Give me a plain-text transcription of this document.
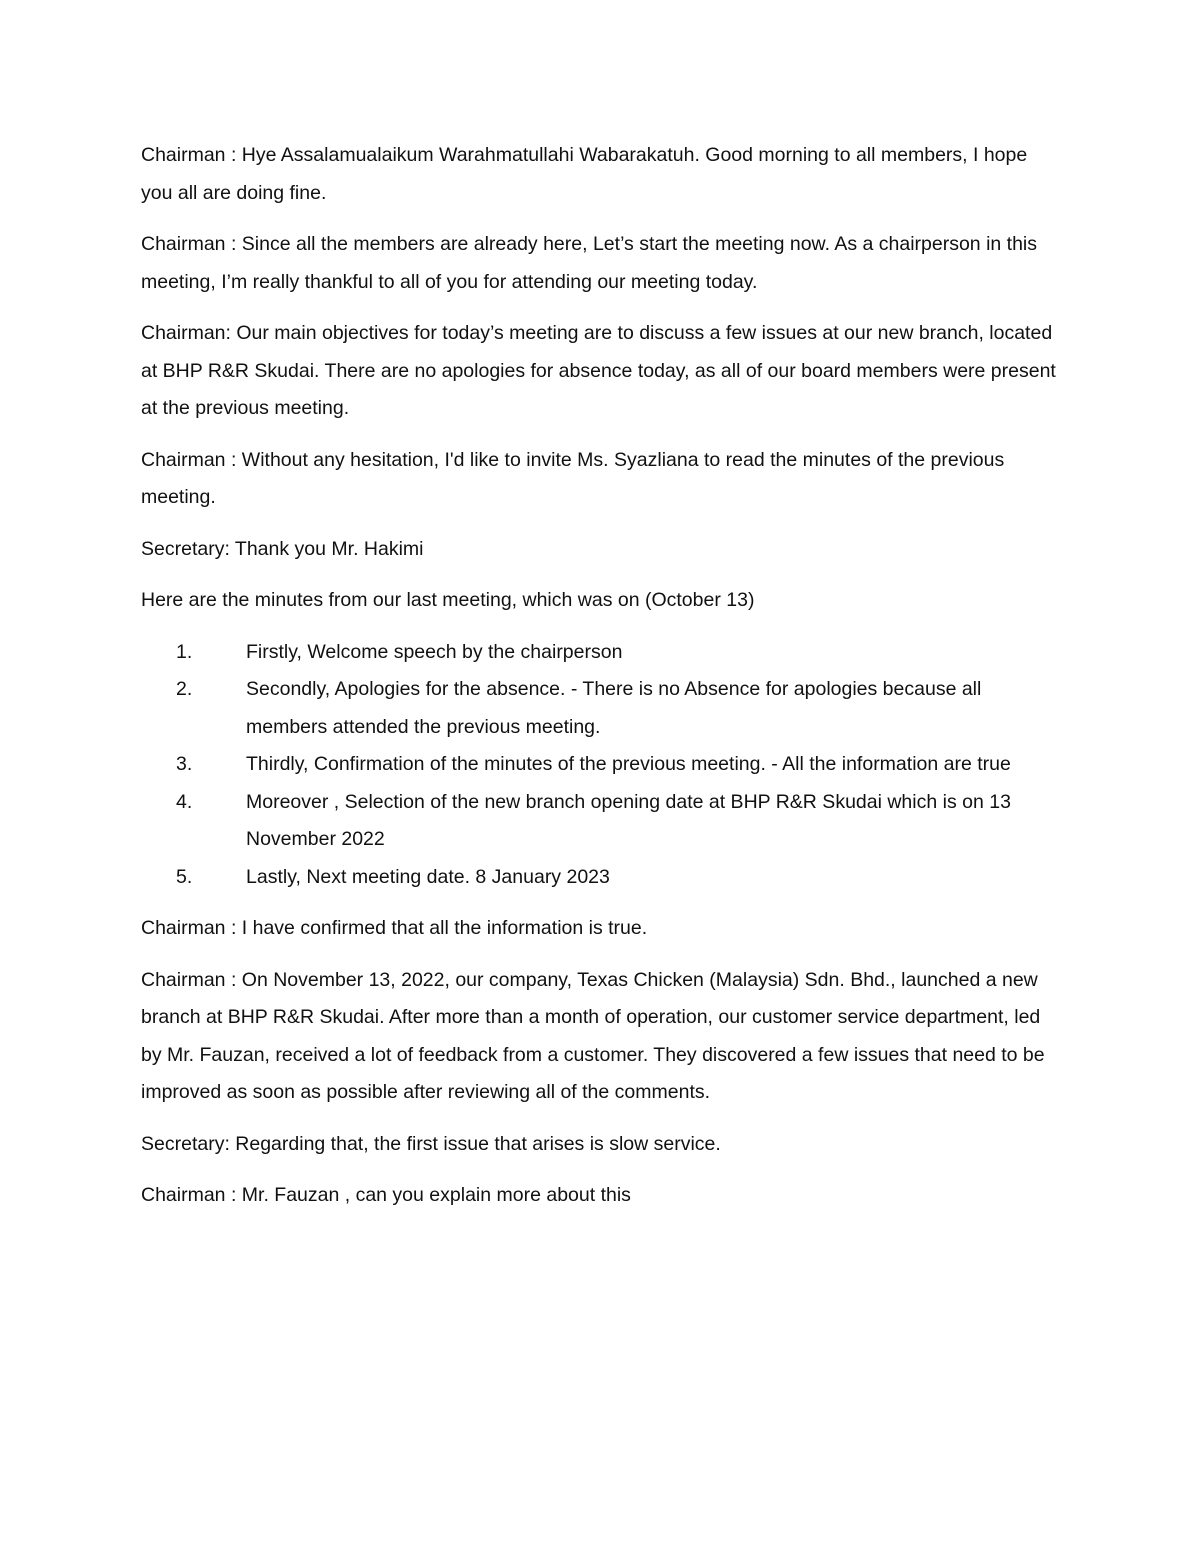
Chairman : Hye Assalamualaikum Warahmatullahi Wabarakatuh. Good morning to all members, I hope you all are doing fine.

Chairman : Since all the members are already here, Let’s start the meeting now. As a chairperson in this meeting, I’m really thankful to all of you for attending our meeting today.

Chairman: Our main objectives for today’s meeting are to discuss a few issues at our new branch, located at BHP R&R Skudai. There are no apologies for absence today, as all of our board members were present at the previous meeting.

Chairman : Without any hesitation, I'd like to invite Ms. Syazliana to read the minutes of the previous meeting.

Secretary: Thank you Mr. Hakimi

Here are the minutes from our last meeting, which was on (October 13)

1.	Firstly, Welcome speech by the chairperson
2.	Secondly, Apologies for the absence. - There is no Absence for apologies because all members attended the previous meeting.
3.	Thirdly, Confirmation of the minutes of the previous meeting. - All the information are true
4.	Moreover , Selection of the new branch opening date at BHP R&R Skudai which is on 13 November 2022
5.	Lastly, Next meeting date. 8 January 2023

Chairman : I have confirmed that all the information is true.

Chairman : On November 13, 2022, our company, Texas Chicken (Malaysia) Sdn. Bhd., launched a new branch at BHP R&R Skudai. After more than a month of operation, our customer service department, led by Mr. Fauzan, received a lot of feedback from a customer. They discovered a few issues that need to be improved as soon as possible after reviewing all of the comments.

Secretary: Regarding that, the first issue that arises is slow service.

Chairman : Mr. Fauzan , can you explain more about this
